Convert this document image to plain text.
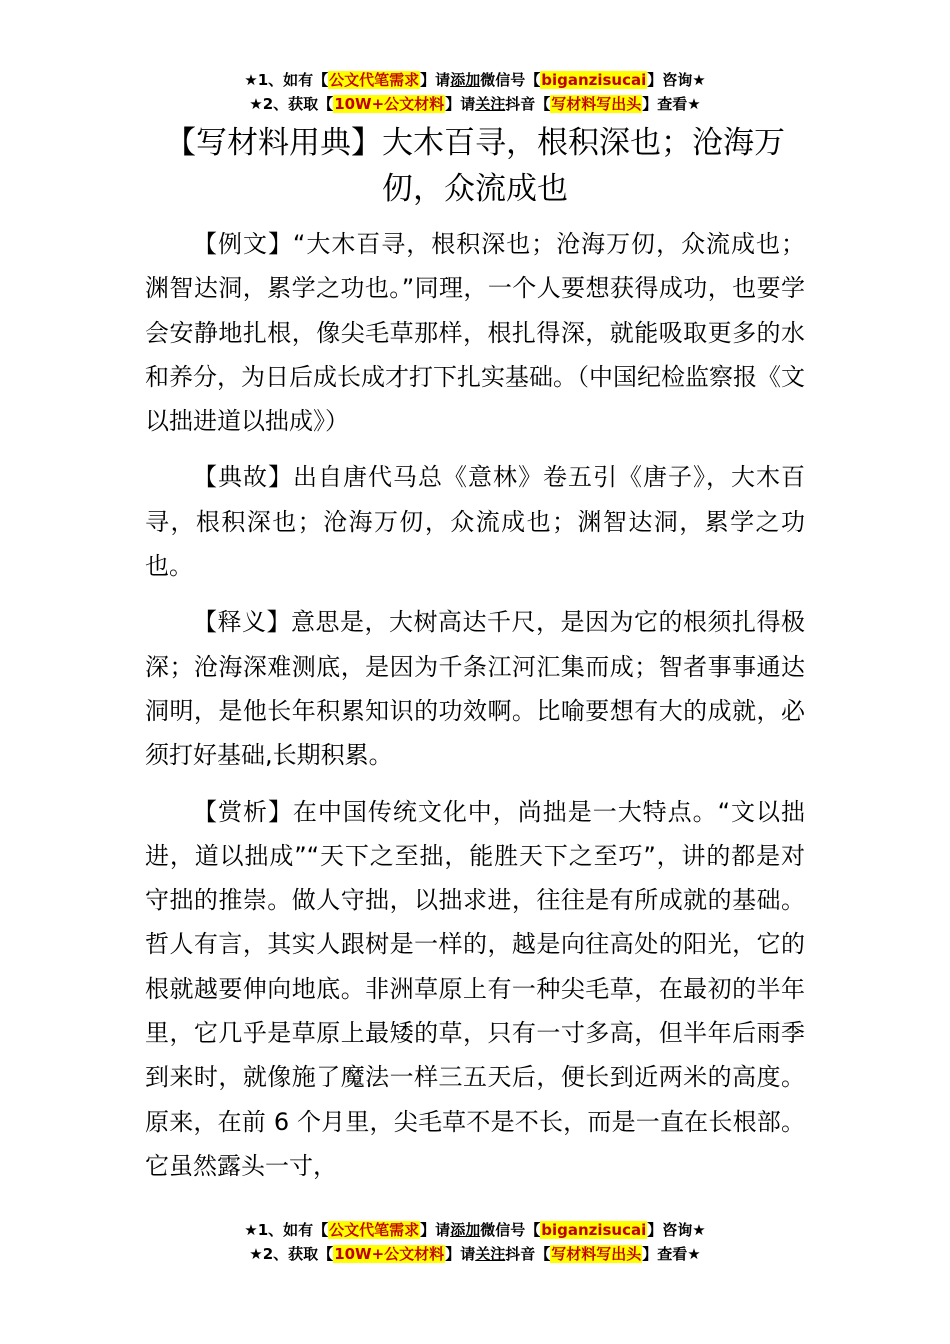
★1、如有【公文代笔需求】请添加微信号【biganzisucai】咨询★
★2、获取【10W+公文材料】请关注抖音【写材料写出头】查看★
【写材料用典】大木百寻，根积深也；沧海万仞，众流成也

【例文】“大木百寻，根积深也；沧海万仞，众流成也；渊智达洞，累学之功也。”同理，一个人要想获得成功，也要学会安静地扎根，像尖毛草那样，根扎得深，就能吸取更多的水和养分，为日后成长成才打下扎实基础。（中国纪检监察报《文以拙进道以拙成》）

【典故】出自唐代马总《意林》卷五引《唐子》，大木百寻，根积深也；沧海万仞，众流成也；渊智达洞，累学之功也。

【释义】意思是，大树高达千尺，是因为它的根须扎得极深；沧海深难测底，是因为千条江河汇集而成；智者事事通达洞明，是他长年积累知识的功效啊。比喻要想有大的成就，必须打好基础,长期积累。

【赏析】在中国传统文化中，尚拙是一大特点。“文以拙进，道以拙成”“天下之至拙，能胜天下之至巧”，讲的都是对守拙的推崇。做人守拙，以拙求进，往往是有所成就的基础。哲人有言，其实人跟树是一样的，越是向往高处的阳光，它的根就越要伸向地底。非洲草原上有一种尖毛草，在最初的半年里，它几乎是草原上最矮的草，只有一寸多高，但半年后雨季到来时，就像施了魔法一样三五天后，便长到近两米的高度。原来，在前 6 个月里，尖毛草不是不长，而是一直在长根部。它虽然露头一寸，

★1、如有【公文代笔需求】请添加微信号【biganzisucai】咨询★
★2、获取【10W+公文材料】请关注抖音【写材料写出头】查看★
